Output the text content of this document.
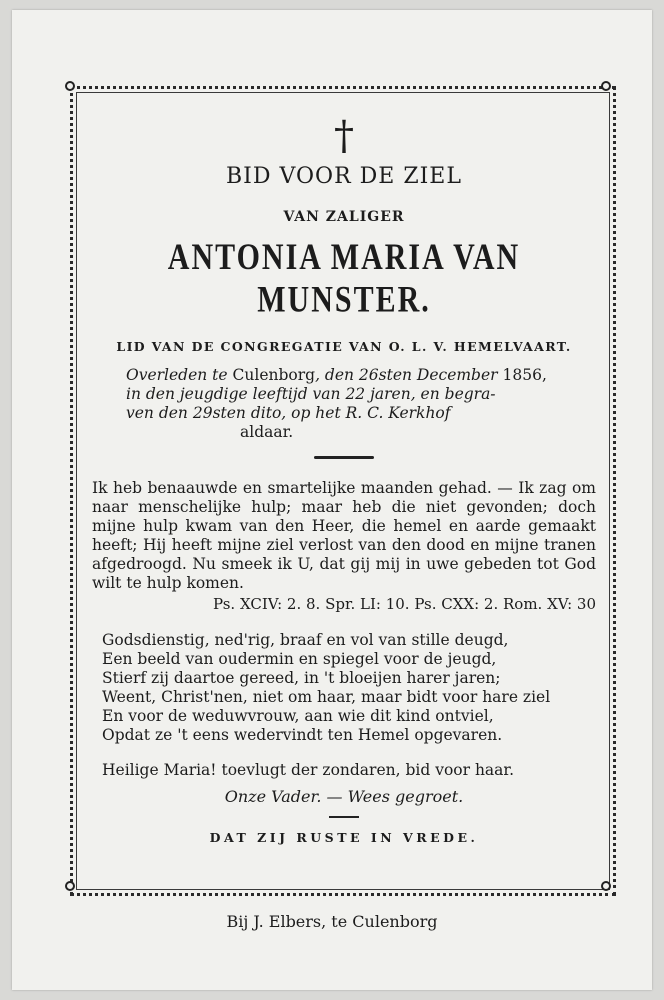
†
BID VOOR DE ZIEL
VAN ZALIGER
ANTONIA MARIA VAN MUNSTER.
LID VAN DE CONGREGATIE VAN O. L. V. HEMELVAART.
Overleden te Culenborg, den 26sten December 1856,
in den jeugdige leeftijd van 22 jaren, en begra-
ven den 29sten dito, op het R. C. Kerkhof
aldaar.
Ik heb benaauwde en smartelijke maanden gehad. — Ik zag om naar menschelijke hulp; maar heb die niet gevonden; doch mijne hulp kwam van den Heer, die hemel en aarde gemaakt heeft; Hij heeft mijne ziel verlost van den dood en mijne tranen afgedroogd. Nu smeek ik U, dat gij mij in uwe gebeden tot God wilt te hulp komen.
Ps. XCIV: 2. 8. Spr. LI: 10. Ps. CXX: 2. Rom. XV: 30
Godsdienstig, ned'rig, braaf en vol van stille deugd,
Een beeld van oudermin en spiegel voor de jeugd,
Stierf zij daartoe gereed, in 't bloeijen harer jaren;
Weent, Christ'nen, niet om haar, maar bidt voor hare ziel
En voor de weduwvrouw, aan wie dit kind ontviel,
Opdat ze 't eens wedervindt ten Hemel opgevaren.
Heilige Maria! toevlugt der zondaren, bid voor haar.
Onze Vader. — Wees gegroet.
DAT ZIJ RUSTE IN VREDE.
Bij J. Elbers, te Culenborg
